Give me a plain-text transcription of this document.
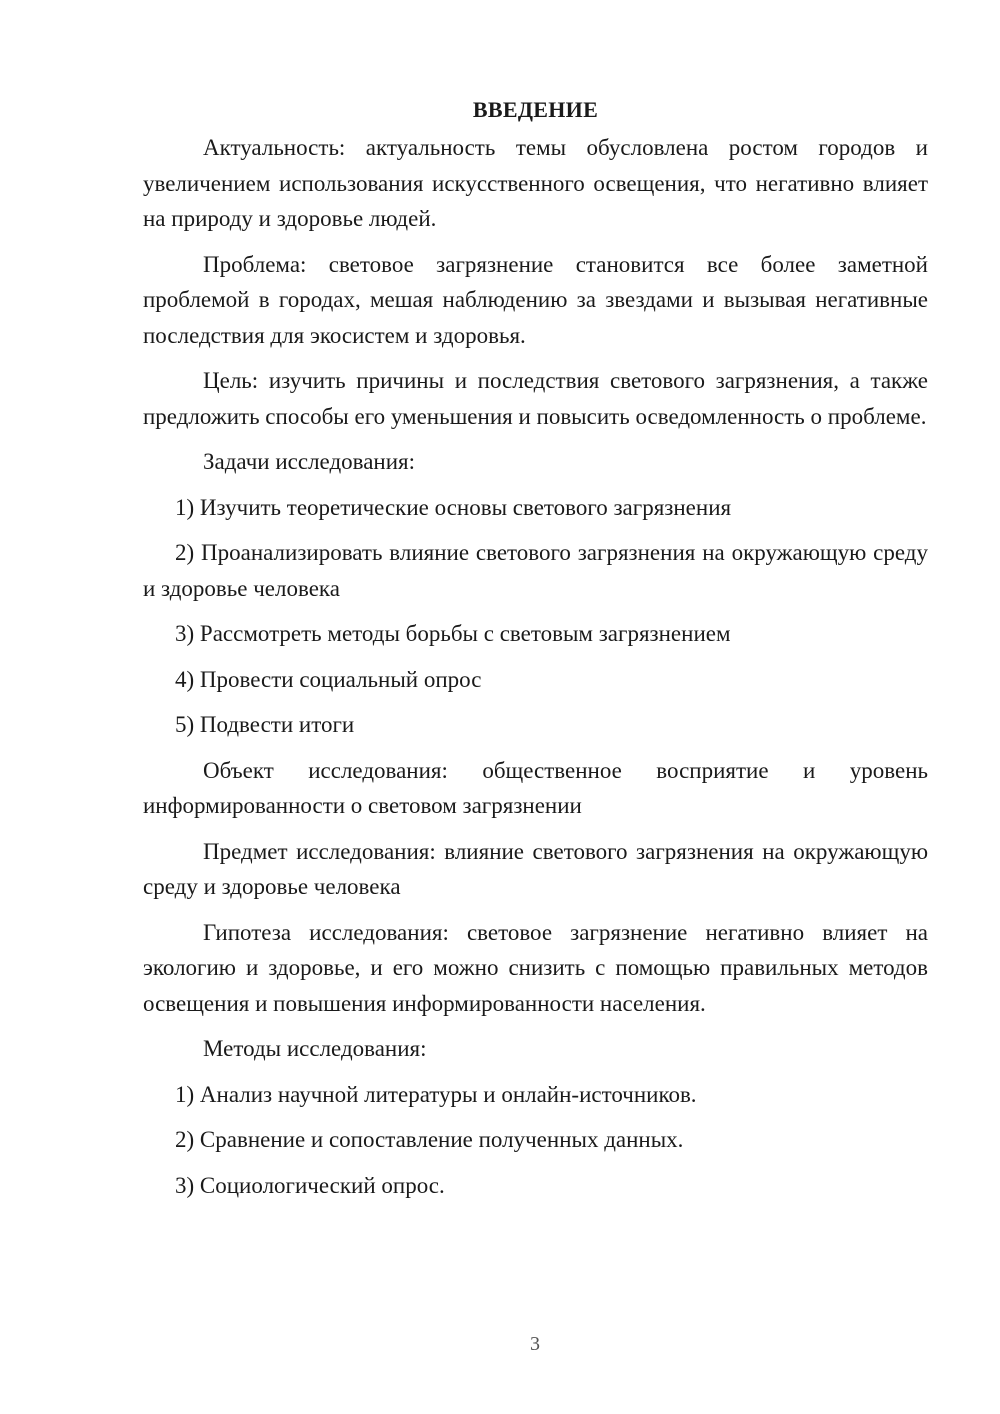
ВВЕДЕНИЕ

Актуальность: актуальность темы обусловлена ростом городов и увеличением использования искусственного освещения, что негативно влияет на природу и здоровье людей.

Проблема: световое загрязнение становится все более заметной проблемой в городах, мешая наблюдению за звездами и вызывая негативные последствия для экосистем и здоровья.

Цель: изучить причины и последствия светового загрязнения, а также предложить способы его уменьшения и повысить осведомленность о проблеме.

Задачи исследования:

1) Изучить теоретические основы светового загрязнения

2) Проанализировать влияние светового загрязнения на окружающую среду и здоровье человека

3) Рассмотреть методы борьбы с световым загрязнением

4) Провести социальный опрос

5) Подвести итоги

Объект исследования: общественное восприятие и уровень информированности о световом загрязнении

Предмет исследования: влияние светового загрязнения на окружающую среду и здоровье человека

Гипотеза исследования: световое загрязнение негативно влияет на экологию и здоровье, и его можно снизить с помощью правильных методов освещения и повышения информированности населения.

Методы исследования:

1) Анализ научной литературы и онлайн-источников.

2) Сравнение и сопоставление полученных данных.

3) Социологический опрос.

3
